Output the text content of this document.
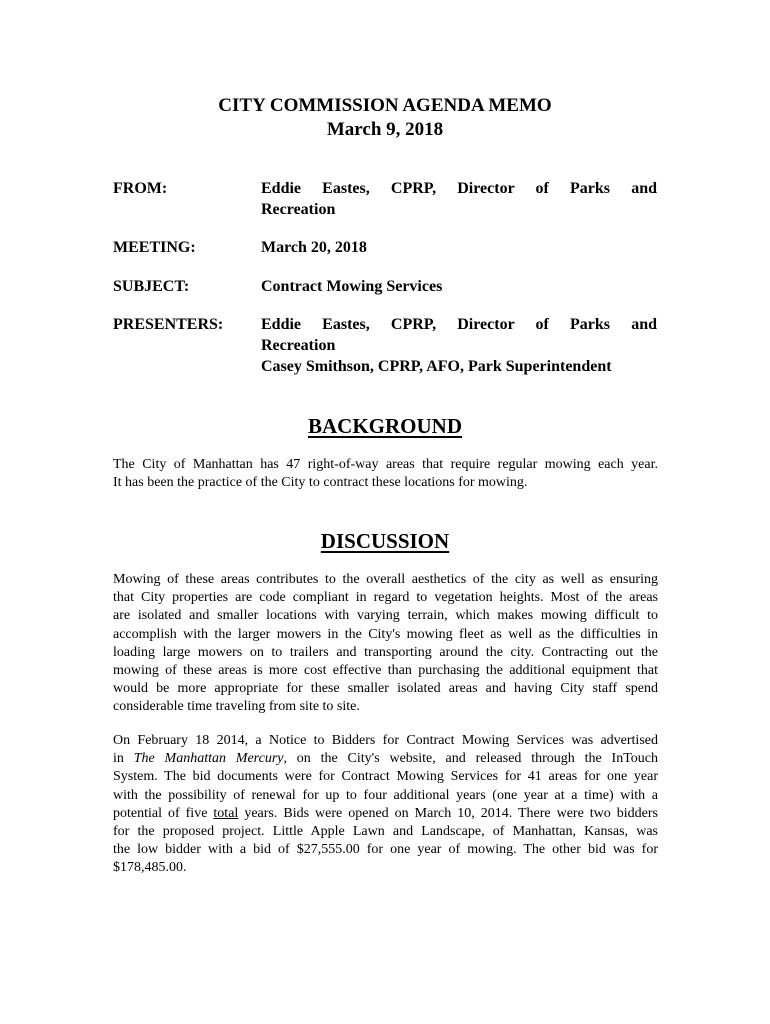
CITY COMMISSION AGENDA MEMO
March 9, 2018
FROM:	Eddie Eastes, CPRP, Director of Parks and
Recreation
MEETING:	March 20, 2018
SUBJECT:	Contract Mowing Services
PRESENTERS:	Eddie Eastes, CPRP, Director of Parks and
Recreation
Casey Smithson, CPRP, AFO, Park Superintendent
BACKGROUND
The City of Manhattan has 47 right-of-way areas that require regular mowing each year.
It has been the practice of the City to contract these locations for mowing.
DISCUSSION
Mowing of these areas contributes to the overall aesthetics of the city as well as ensuring
that City properties are code compliant in regard to vegetation heights. Most of the areas
are isolated and smaller locations with varying terrain, which makes mowing difficult to
accomplish with the larger mowers in the City's mowing fleet as well as the difficulties in
loading large mowers on to trailers and transporting around the city. Contracting out the
mowing of these areas is more cost effective than purchasing the additional equipment that
would be more appropriate for these smaller isolated areas and having City staff spend
considerable time traveling from site to site.
On February 18 2014, a Notice to Bidders for Contract Mowing Services was advertised
in The Manhattan Mercury, on the City's website, and released through the InTouch
System. The bid documents were for Contract Mowing Services for 41 areas for one year
with the possibility of renewal for up to four additional years (one year at a time) with a
potential of five total years. Bids were opened on March 10, 2014. There were two bidders
for the proposed project. Little Apple Lawn and Landscape, of Manhattan, Kansas, was
the low bidder with a bid of $27,555.00 for one year of mowing. The other bid was for
$178,485.00.
